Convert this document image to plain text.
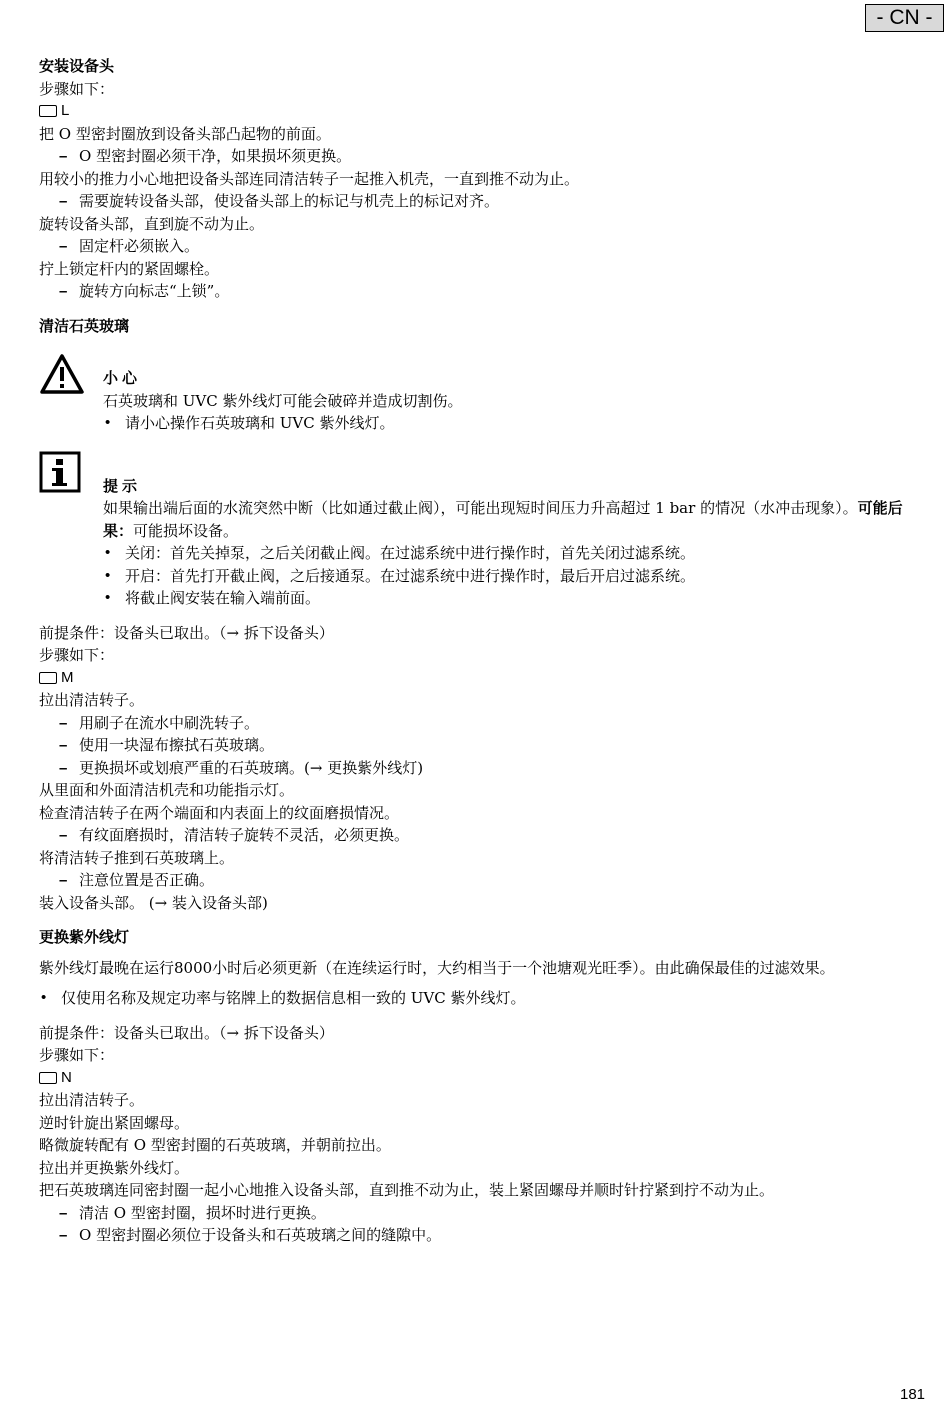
- CN -
安装设备头
步骤如下：
L
把 O 型密封圈放到设备头部凸起物的前面。
– O 型密封圈必须干净，如果损坏须更换。
用较小的推力小心地把设备头部连同清洁转子一起推入机壳，一直到推不动为止。
– 需要旋转设备头部，使设备头部上的标记与机壳上的标记对齐。
旋转设备头部，直到旋不动为止。
– 固定杆必须嵌入。
拧上锁定杆内的紧固螺栓。
– 旋转方向标志“上锁”。
清洁石英玻璃
小心
石英玻璃和 UVC 紫外线灯可能会破碎并造成切割伤。
• 请小心操作石英玻璃和 UVC 紫外线灯。
提示
如果输出端后面的水流突然中断（比如通过截止阀），可能出现短时间压力升高超过 1 bar 的情况（水冲击现象）。可能后果：可能损坏设备。
• 关闭：首先关掉泵，之后关闭截止阀。在过滤系统中进行操作时，首先关闭过滤系统。
• 开启：首先打开截止阀，之后接通泵。在过滤系统中进行操作时，最后开启过滤系统。
• 将截止阀安装在输入端前面。
前提条件：设备头已取出。（→ 拆下设备头）
步骤如下：
M
拉出清洁转子。
– 用刷子在流水中刷洗转子。
– 使用一块湿布擦拭石英玻璃。
– 更换损坏或划痕严重的石英玻璃。(→ 更换紫外线灯)
从里面和外面清洁机壳和功能指示灯。
检查清洁转子在两个端面和内表面上的纹面磨损情况。
– 有纹面磨损时，清洁转子旋转不灵活，必须更换。
将清洁转子推到石英玻璃上。
– 注意位置是否正确。
装入设备头部。 (→ 装入设备头部)
更换紫外线灯
紫外线灯最晚在运行8000小时后必须更新（在连续运行时，大约相当于一个池塘观光旺季）。由此确保最佳的过滤效果。
• 仅使用名称及规定功率与铭牌上的数据信息相一致的 UVC 紫外线灯。
前提条件：设备头已取出。（→ 拆下设备头）
步骤如下：
N
拉出清洁转子。
逆时针旋出紧固螺母。
略微旋转配有 O 型密封圈的石英玻璃，并朝前拉出。
拉出并更换紫外线灯。
把石英玻璃连同密封圈一起小心地推入设备头部，直到推不动为止，装上紧固螺母并顺时针拧紧到拧不动为止。
– 清洁 O 型密封圈，损坏时进行更换。
– O 型密封圈必须位于设备头和石英玻璃之间的缝隙中。
181
